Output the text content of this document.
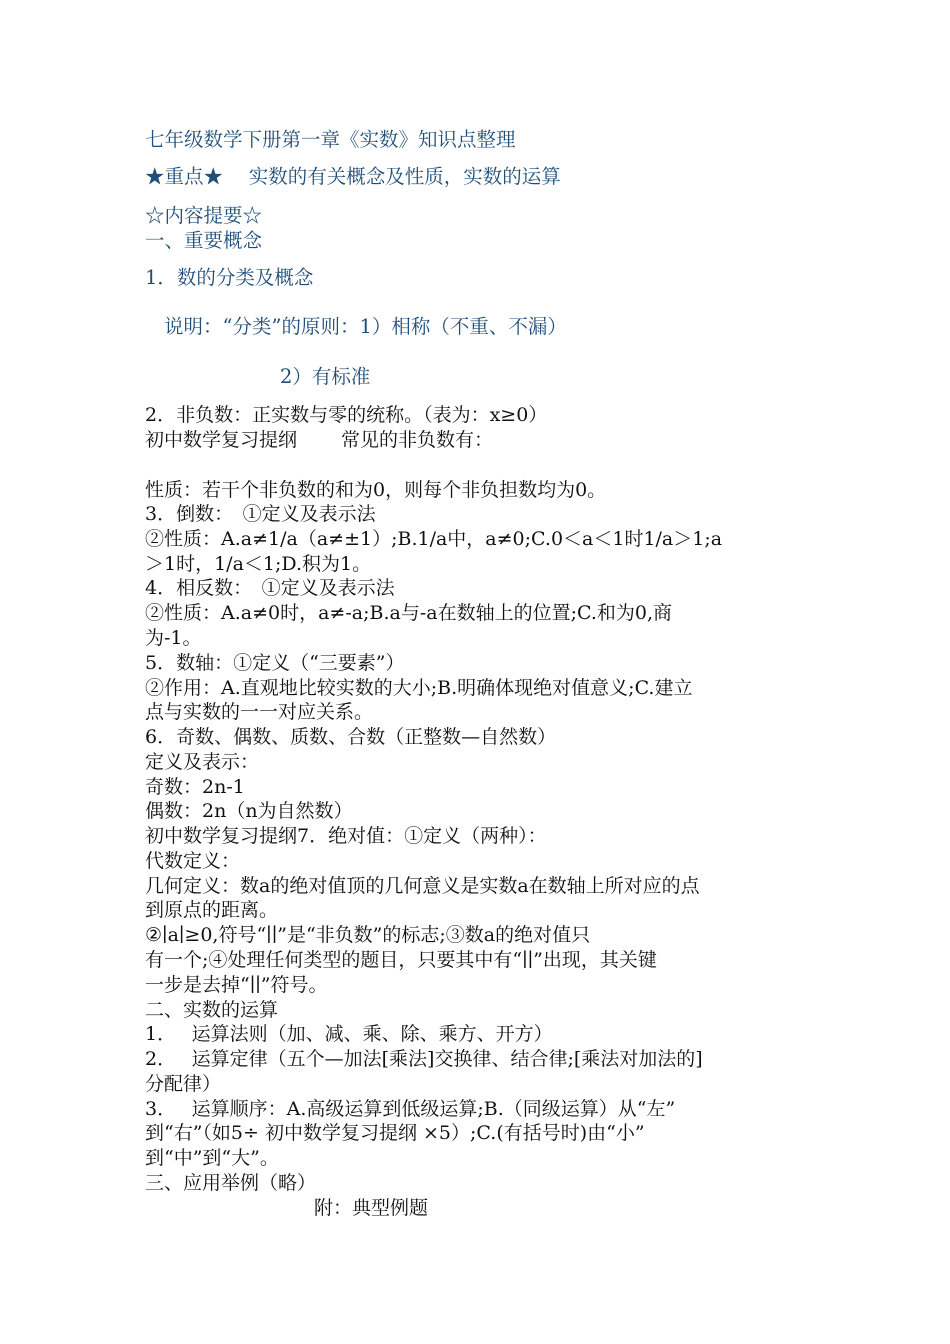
七年级数学下册第一章《实数》知识点整理

★重点★　 实数的有关概念及性质，实数的运算

☆内容提要☆

一、重要概念

1．数的分类及概念

说明：“分类”的原则：1）相称（不重、不漏）

2）有标准

2．非负数：正实数与零的统称。（表为：x≥0）

初中数学复习提纲　　 常见的非负数有：

性质：若干个非负数的和为0，则每个非负担数均为0。

3．倒数：　①定义及表示法

②性质：A.a≠1/a（a≠±1）;B.1/a中，a≠0;C.0＜a＜1时1/a＞1;a

＞1时，1/a＜1;D.积为1。

4．相反数：　①定义及表示法

②性质：A.a≠0时，a≠-a;B.a与-a在数轴上的位置;C.和为0,商

为-1。

5．数轴：①定义（“三要素”）

②作用：A.直观地比较实数的大小;B.明确体现绝对值意义;C.建立

点与实数的一一对应关系。

6．奇数、偶数、质数、合数（正整数—自然数）

定义及表示：

奇数：2n-1

偶数：2n（n为自然数）

初中数学复习提纲7．绝对值：①定义（两种）：

代数定义：

几何定义：数a的绝对值顶的几何意义是实数a在数轴上所对应的点

到原点的距离。

②∣a∣≥0,符号“∣∣”是“非负数”的标志;③数a的绝对值只

有一个;④处理任何类型的题目，只要其中有“∣∣”出现，其关键

一步是去掉“∣∣”符号。

二、实数的运算

1．　 运算法则（加、减、乘、除、乘方、开方）

2．　 运算定律（五个—加法[乘法]交换律、结合律;[乘法对加法的]

分配律）

3．　 运算顺序：A.高级运算到低级运算;B.（同级运算）从“左”

到“右”（如5÷ 初中数学复习提纲 ×5）;C.(有括号时)由“小”

到“中”到“大”。

三、应用举例（略）

附：典型例题
